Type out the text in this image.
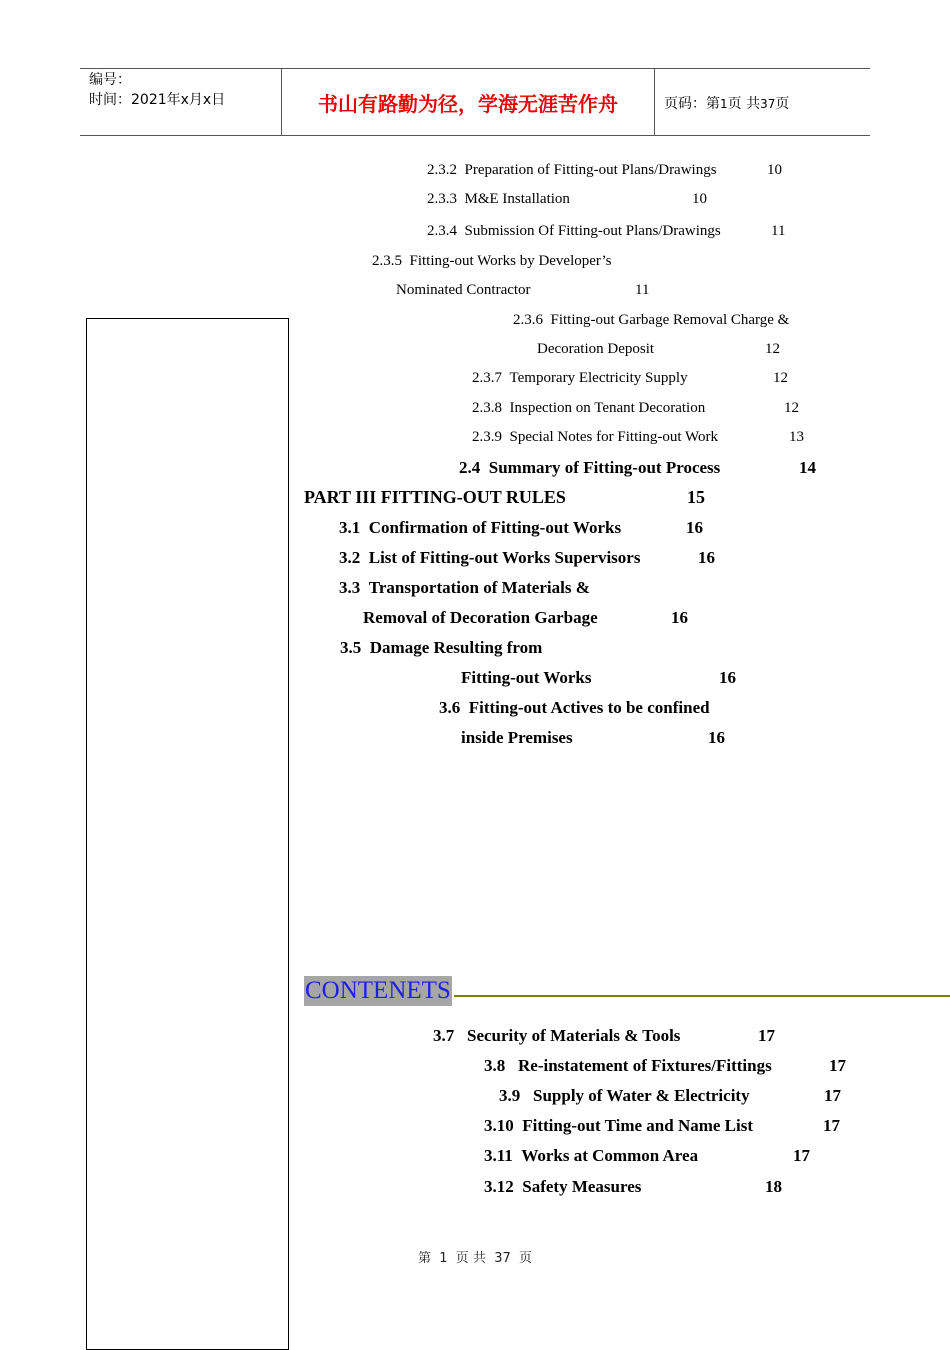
编号：
时间：2021年x月x日	书山有路勤为径，学海无涯苦作舟	页码：第1页 共37页
2.3.2 Preparation of Fitting-out Plans/Drawings	10
2.3.3 M&E Installation	10
2.3.4 Submission Of Fitting-out Plans/Drawings	11
2.3.5 Fitting-out Works by Developer’s
Nominated Contractor	11
2.3.6 Fitting-out Garbage Removal Charge &
Decoration Deposit	12
2.3.7 Temporary Electricity Supply	12
2.3.8 Inspection on Tenant Decoration	12
2.3.9 Special Notes for Fitting-out Work	13
2.4 Summary of Fitting-out Process	14
PART III FITTING-OUT RULES	15
3.1 Confirmation of Fitting-out Works	16
3.2 List of Fitting-out Works Supervisors	16
3.3 Transportation of Materials &
Removal of Decoration Garbage	16
3.5 Damage Resulting from
Fitting-out Works	16
3.6 Fitting-out Actives to be confined
inside Premises	16
CONTENETS
3.7 Security of Materials & Tools	17
3.8 Re-instatement of Fixtures/Fittings	17
3.9 Supply of Water & Electricity	17
3.10 Fitting-out Time and Name List	17
3.11 Works at Common Area	17
3.12 Safety Measures	18
第 1 页 共 37 页
